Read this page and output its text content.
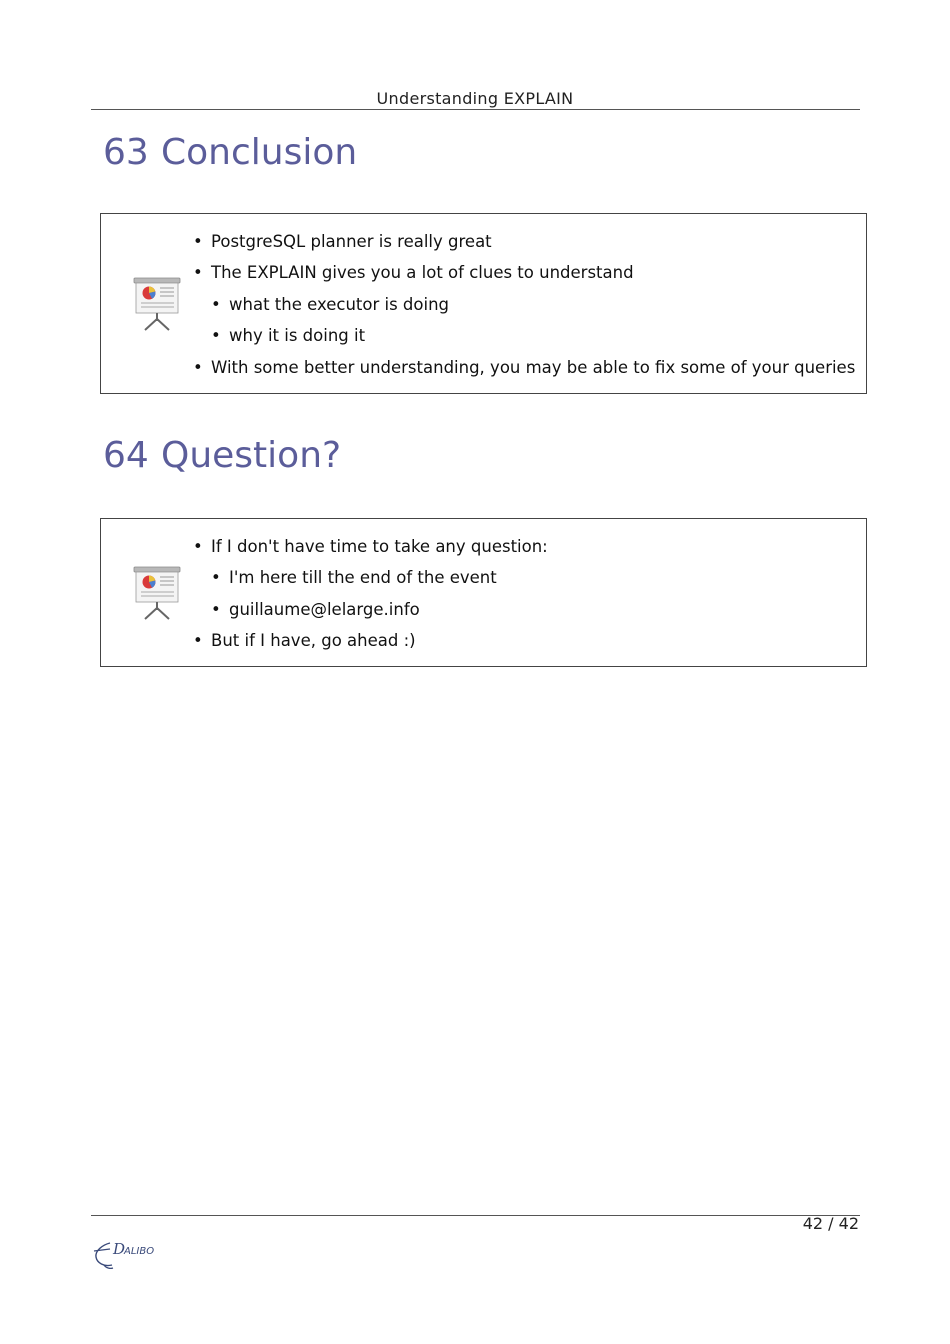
Understanding EXPLAIN
63 Conclusion
• PostgreSQL planner is really great
• The EXPLAIN gives you a lot of clues to understand
• what the executor is doing
• why it is doing it
• With some better understanding, you may be able to fix some of your queries
64 Question?
• If I don't have time to take any question:
• I'm here till the end of the event
• guillaume@lelarge.info
• But if I have, go ahead :)
42 / 42
D
ALIBO
